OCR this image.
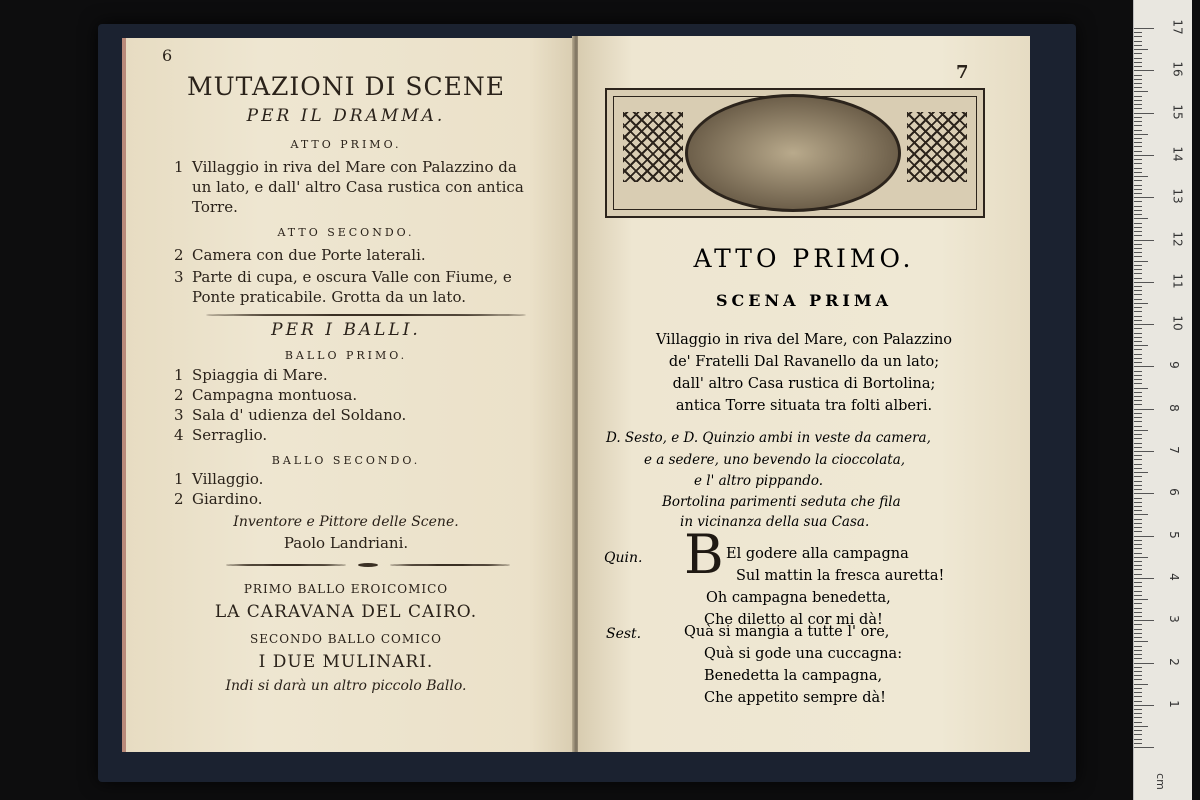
6
MUTAZIONI DI SCENE
PER IL DRAMMA.
ATTO PRIMO.
1 Villaggio in riva del Mare con Palazzino da
un lato, e dall' altro Casa rustica con antica
Torre.
ATTO SECONDO.
2 Camera con due Porte laterali.
3 Parte di cupa, e oscura Valle con Fiume, e
Ponte praticabile. Grotta da un lato.
PER I BALLI.
BALLO PRIMO.
1 Spiaggia di Mare.
2 Campagna montuosa.
3 Sala d' udienza del Soldano.
4 Serraglio.
BALLO SECONDO.
1 Villaggio.
2 Giardino.
Inventore e Pittore delle Scene.
Paolo Landriani.
PRIMO BALLO EROICOMICO
LA CARAVANA DEL CAIRO.
SECONDO BALLO COMICO
I DUE MULINARI.
Indi si darà un altro piccolo Ballo.
7
ATTO PRIMO.
SCENA PRIMA
Villaggio in riva del Mare, con Palazzino
de' Fratelli Dal Ravanello da un lato;
dall' altro Casa rustica di Bortolina;
antica Torre situata tra folti alberi.
D. Sesto, e D. Quinzio ambi in veste da camera,
e a sedere, uno bevendo la cioccolata,
e l' altro pippando.
Bortolina parimenti seduta che fila
in vicinanza della sua Casa.
B
Quin.	El godere alla campagna
Sul mattin la fresca auretta!
Oh campagna benedetta,
Che diletto al cor mi dà!
Sest.	Quà si mangia a tutte l' ore,
Quà si gode una cuccagna:
Benedetta la campagna,
Che appetito sempre dà!
cm
17
16
15
14
13
12
11
10
9
8
7
6
5
4
3
2
1
